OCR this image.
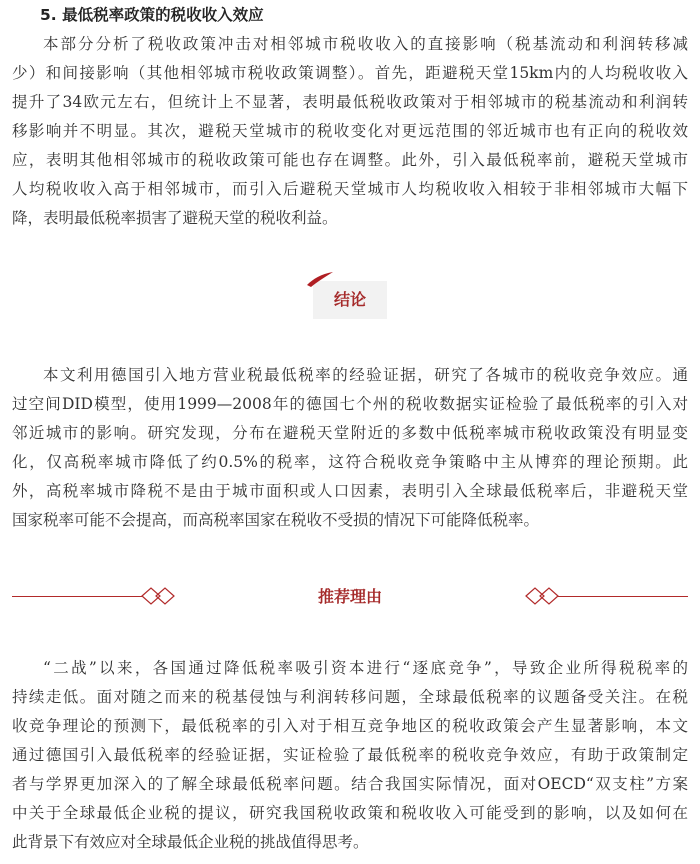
5. 最低税率政策的税收收入效应
本部分分析了税收政策冲击对相邻城市税收收入的直接影响（税基流动和利润转移减
少）和间接影响（其他相邻城市税收政策调整）。首先，距避税天堂15km内的人均税收收入
提升了34欧元左右，但统计上不显著，表明最低税收政策对于相邻城市的税基流动和利润转
移影响并不明显。其次，避税天堂城市的税收变化对更远范围的邻近城市也有正向的税收效
应，表明其他相邻城市的税收政策可能也存在调整。此外，引入最低税率前，避税天堂城市
人均税收收入高于相邻城市，而引入后避税天堂城市人均税收收入相较于非相邻城市大幅下
降，表明最低税率损害了避税天堂的税收利益。
结论
本文利用德国引入地方营业税最低税率的经验证据，研究了各城市的税收竞争效应。通
过空间DID模型，使用1999—2008年的德国七个州的税收数据实证检验了最低税率的引入对
邻近城市的影响。研究发现，分布在避税天堂附近的多数中低税率城市税收政策没有明显变
化，仅高税率城市降低了约0.5%的税率，这符合税收竞争策略中主从博弈的理论预期。此
外，高税率城市降税不是由于城市面积或人口因素，表明引入全球最低税率后，非避税天堂
国家税率可能不会提高，而高税率国家在税收不受损的情况下可能降低税率。
推荐理由
“二战”以来，各国通过降低税率吸引资本进行“逐底竞争”，导致企业所得税税率的
持续走低。面对随之而来的税基侵蚀与利润转移问题，全球最低税率的议题备受关注。在税
收竞争理论的预测下，最低税率的引入对于相互竞争地区的税收政策会产生显著影响，本文
通过德国引入最低税率的经验证据，实证检验了最低税率的税收竞争效应，有助于政策制定
者与学界更加深入的了解全球最低税率问题。结合我国实际情况，面对OECD“双支柱”方案
中关于全球最低企业税的提议，研究我国税收政策和税收收入可能受到的影响，以及如何在
此背景下有效应对全球最低企业税的挑战值得思考。
